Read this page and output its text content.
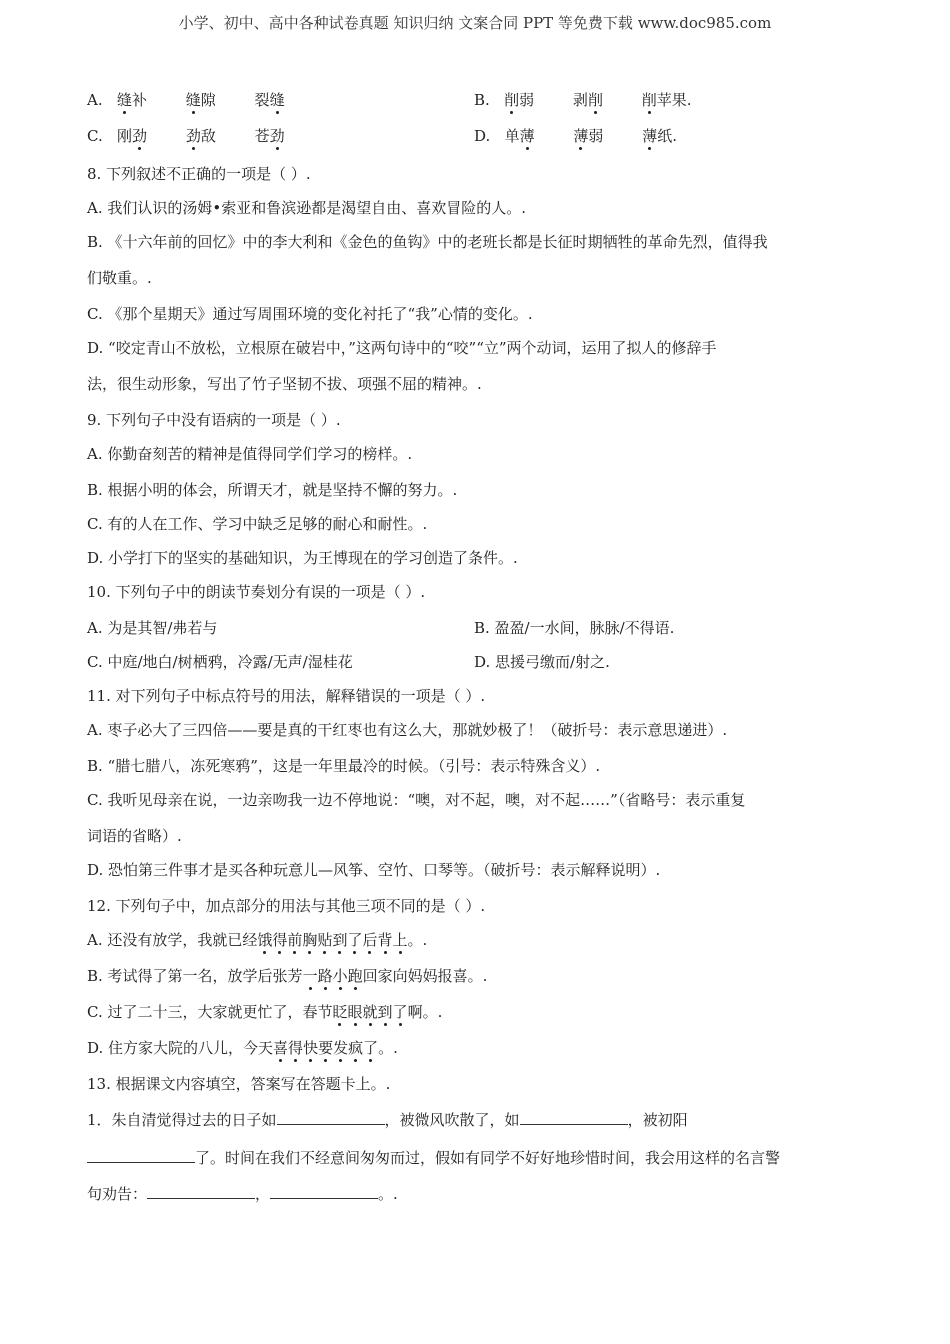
小学、初中、高中各种试卷真题 知识归纳 文案合同 PPT 等免费下载 www.doc985.com
A. 缝补	缝隙	裂缝	B. 削弱	剥削	削苹果.
C. 刚劲	劲敌	苍劲	D. 单薄	薄弱	薄纸.
8. 下列叙述不正确的一项是（ ）.
A. 我们认识的汤姆•索亚和鲁滨逊都是渴望自由、喜欢冒险的人。.
B. 《十六年前的回忆》中的李大利和《金色的鱼钩》中的老班长都是长征时期牺牲的革命先烈，值得我
们敬重。.
C. 《那个星期天》通过写周围环境的变化衬托了“我”心情的变化。.
D. “咬定青山不放松，立根原在破岩中，”这两句诗中的“咬”“立”两个动词，运用了拟人的修辞手
法，很生动形象，写出了竹子坚韧不拔、项强不屈的精神。.
9. 下列句子中没有语病的一项是（ ）.
A. 你勤奋刻苦的精神是值得同学们学习的榜样。.
B. 根据小明的体会，所谓天才，就是坚持不懈的努力。.
C. 有的人在工作、学习中缺乏足够的耐心和耐性。.
D. 小学打下的坚实的基础知识，为王博现在的学习创造了条件。.
10. 下列句子中的朗读节奏划分有误的一项是（ ）.
A. 为是其智/弗若与	B. 盈盈/一水间，脉脉/不得语.
C. 中庭/地白/树栖鸦，冷露/无声/湿桂花	D. 思援弓缴而/射之.
11. 对下列句子中标点符号的用法，解释错误的一项是（ ）.
A. 枣子必大了三四倍——要是真的干红枣也有这么大，那就妙极了！（破折号：表示意思递进）.
B. “腊七腊八，冻死寒鸦”，这是一年里最冷的时候。（引号：表示特殊含义）.
C. 我听见母亲在说，一边亲吻我一边不停地说：“噢，对不起，噢，对不起……”（省略号：表示重复
词语的省略）.
D. 恐怕第三件事才是买各种玩意儿—风筝、空竹、口琴等。（破折号：表示解释说明）.
12. 下列句子中，加点部分的用法与其他三项不同的是（ ）.
A. 还没有放学，我就已经饿得前胸贴到了后背上。.
B. 考试得了第一名，放学后张芳一路小跑回家向妈妈报喜。.
C. 过了二十三，大家就更忙了，春节眨眼就到了啊。.
D. 住方家大院的八儿，今天喜得快要发疯了。.
13. 根据课文内容填空，答案写在答题卡上。.
1．朱自清觉得过去的日子如	，被微风吹散了，如	，被初阳
了。时间在我们不经意间匆匆而过，假如有同学不好好地珍惜时间，我会用这样的名言警
句劝告：	，	。.
